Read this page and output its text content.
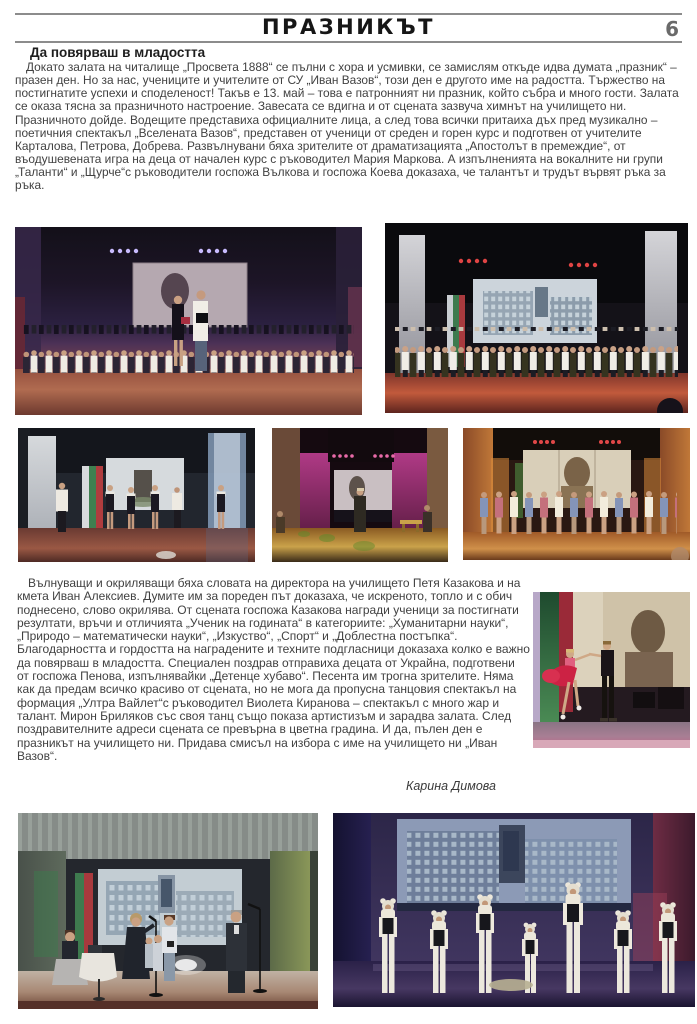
ПРАЗНИКЪТ	6
Да повярваш в младостта

Докато залата на читалище „Просвета 1888“ се пълни с хора и усмивки, се замислям откъде идва думата „празник“ – празен ден. Но за нас, учениците и учителите от СУ „Иван Вазов“, този ден е другото име на радостта. Тържество на постигнатите успехи и споделеност! Такъв е 13. май – това е патронният ни празник, който събра и много гости. Залата се оказа тясна за празничното настроение. Завесата се вдигна и от сцената зазвуча химнът на училището ни. Празничното дойде. Водещите представиха официалните лица, а след това всички притаиха дъх пред музикално – поетичния спектакъл „Вселената Вазов“, представен от ученици от среден и горен курс и подготвен от учителите Карталова, Петрова, Добрева. Развълнувани бяха зрителите от драматизацията „Апостолът в премеждие“, от въодушевената игра на деца от начален курс с ръководител Мария Маркова. А изпълненията на вокалните ни групи „Таланти“ и „Щурче“с ръководители госпожа Вълкова и госпожа Коева доказаха, че талантът и трудът вървят ръка за ръка.

Вълнуващи и окриляващи бяха словата на директора на училището Петя Казакова и на кмета Иван Алексиев. Думите им за пореден път доказаха, че искреното, топло и с обич поднесено, слово окрилява. От сцената госпожа Казакова награди ученици за постигнати резултати, връчи и отличията „Ученик на годината“ в категориите: „Хуманитарни науки“, „Природо – математически науки“, „Изкуство“, „Спорт“ и „Доблестна постъпка“. Благодарността и гордостта на наградените и техните подгласници доказаха колко е важно да повярваш в младостта. Специален поздрав отправиха децата от Украйна, подготвени от госпожа Пенова, изпълнявайки „Детенце хубаво“. Песента им трогна зрителите. Няма как да предам всичко красиво от сцената, но не мога да пропусна танцовия спектакъл на формация „Ултра Вайлет“с ръководител Виолета Киранова – спектакъл с много жар и талант. Мирон Бриляков със своя танц също показа артистизъм и зарадва залата. След поздравителните адреси сцената се превърна в цветна градина. И да, пълен ден е празникът на училището ни. Придава смисъл на избора с име на училището ни „Иван Вазов“.

Карина Димова
